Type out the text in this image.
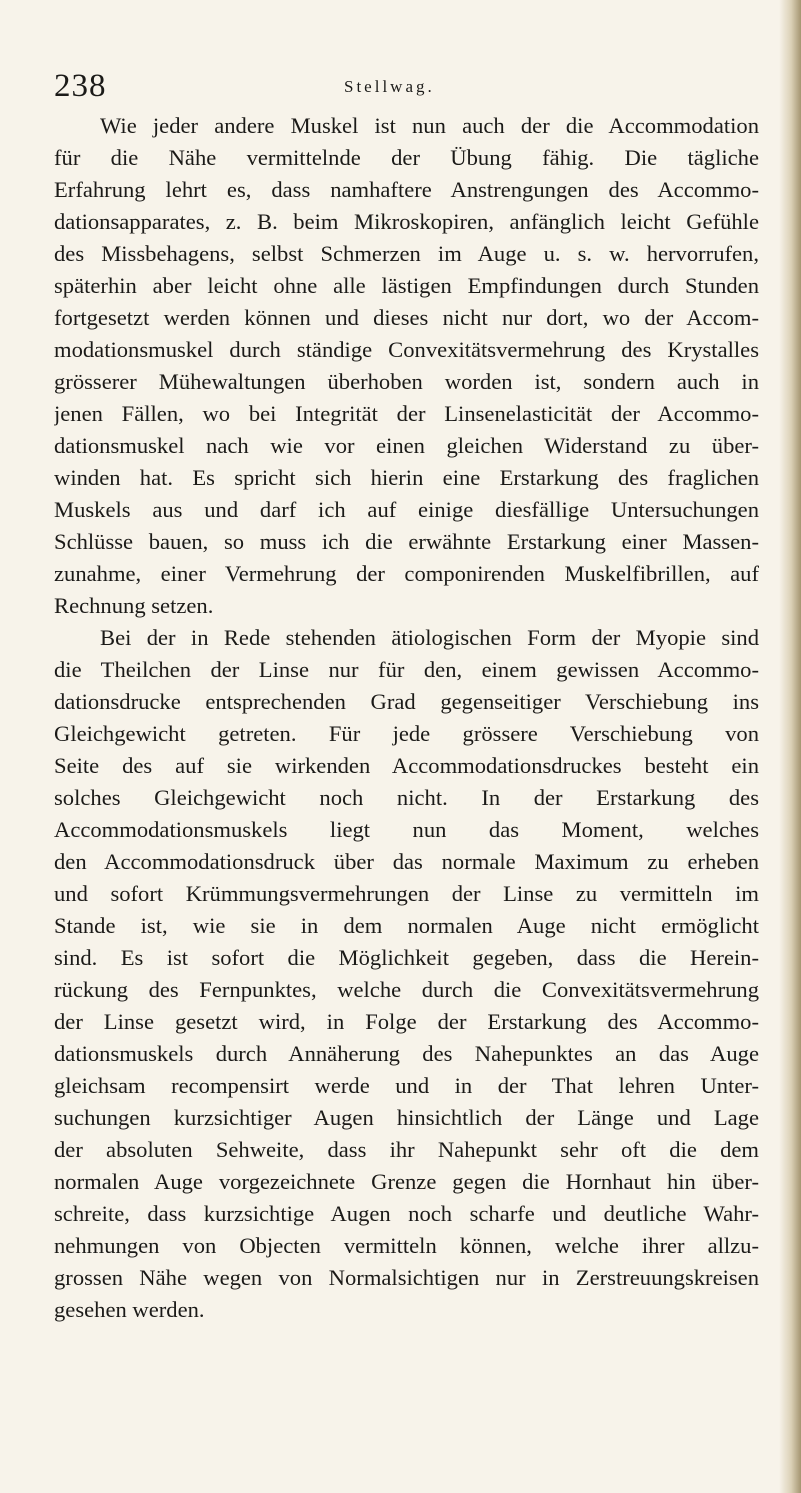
238	Stellwag.
Wie jeder andere Muskel ist nun auch der die Accommodation
für die Nähe vermittelnde der Übung fähig. Die tägliche
Erfahrung lehrt es, dass namhaftere Anstrengungen des Accommo-
dationsapparates, z. B. beim Mikroskopiren, anfänglich leicht Gefühle
des Missbehagens, selbst Schmerzen im Auge u. s. w. hervorrufen,
späterhin aber leicht ohne alle lästigen Empfindungen durch Stunden
fortgesetzt werden können und dieses nicht nur dort, wo der Accom-
modationsmuskel durch ständige Convexitätsvermehrung des Krystalles
grösserer Mühewaltungen überhoben worden ist, sondern auch in
jenen Fällen, wo bei Integrität der Linsenelasticität der Accommo-
dationsmuskel nach wie vor einen gleichen Widerstand zu über-
winden hat. Es spricht sich hierin eine Erstarkung des fraglichen
Muskels aus und darf ich auf einige diesfällige Untersuchungen
Schlüsse bauen, so muss ich die erwähnte Erstarkung einer Massen-
zunahme, einer Vermehrung der componirenden Muskelfibrillen, auf
Rechnung setzen.
Bei der in Rede stehenden ätiologischen Form der Myopie sind
die Theilchen der Linse nur für den, einem gewissen Accommo-
dationsdrucke entsprechenden Grad gegenseitiger Verschiebung ins
Gleichgewicht getreten. Für jede grössere Verschiebung von
Seite des auf sie wirkenden Accommodationsdruckes besteht ein
solches Gleichgewicht noch nicht. In der Erstarkung des
Accommodationsmuskels liegt nun das Moment, welches
den Accommodationsdruck über das normale Maximum zu erheben
und sofort Krümmungsvermehrungen der Linse zu vermitteln im
Stande ist, wie sie in dem normalen Auge nicht ermöglicht
sind. Es ist sofort die Möglichkeit gegeben, dass die Herein-
rückung des Fernpunktes, welche durch die Convexitätsvermehrung
der Linse gesetzt wird, in Folge der Erstarkung des Accommo-
dationsmuskels durch Annäherung des Nahepunktes an das Auge
gleichsam recompensirt werde und in der That lehren Unter-
suchungen kurzsichtiger Augen hinsichtlich der Länge und Lage
der absoluten Sehweite, dass ihr Nahepunkt sehr oft die dem
normalen Auge vorgezeichnete Grenze gegen die Hornhaut hin über-
schreite, dass kurzsichtige Augen noch scharfe und deutliche Wahr-
nehmungen von Objecten vermitteln können, welche ihrer allzu-
grossen Nähe wegen von Normalsichtigen nur in Zerstreuungskreisen
gesehen werden.
